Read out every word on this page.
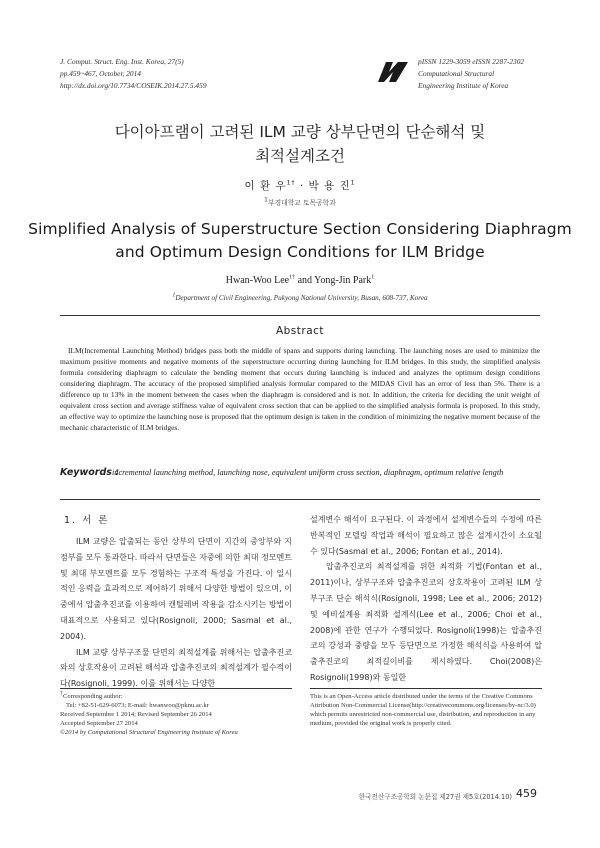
J. Comput. Struct. Eng. Inst. Korea, 27(5)
pp.459~467, October, 2014
http://dx.doi.org/10.7734/COSEIK.2014.27.5.459
pISSN 1229-3059 eISSN 2287-2302
Computational Structural
Engineering Institute of Korea
다이아프램이 고려된 ILM 교량 상부단면의 단순해석 및
최적설계조건
이 환 우$^{1\dagger}$ · 박 용 진$^1$
$^1$부경대학교 토목공학과
Simplified Analysis of Superstructure Section Considering Diaphragm
and Optimum Design Conditions for ILM Bridge
Hwan-Woo Lee$^{1\dagger}$ and Yong-Jin Park$^1$
$^1$Department of Civil Engineering, Pukyong National University, Busan, 608-737, Korea
Abstract
ILM(Incremental Launching Method) bridges pass both the middle of spans and supports during launching. The launching noses are used to minimize the maximum positive moments and negative moments of the superstructure occurring during launching for ILM bridges. In this study, the simplified analysis formula considering diaphragm to calculate the bending moment that occurs during launching is induced and analyzes the optimum design conditions considering diaphragm. The accuracy of the proposed simplified analysis formular compared to the MIDAS Civil has an error of less than 5%. There is a difference up to 13% in the moment between the cases when the diaphragm is considered and is not. In addition, the criteria for deciding the unit weight of equivalent cross section and average stiffness value of equivalent cross section that can be applied to the simplified analysis formula is proposed. In this study, an effective way to optimize the launching nose is proposed that the optimum design is taken in the condition of minimizing the negative moment because of the mechanic characteristic of ILM bridges.
Keywords :
incremental launching method, launching nose, equivalent uniform cross section, diaphragm, optimum relative length
1. 서 론

ILM 교량은 압출되는 동안 상부의 단면이 지간의 중앙부와 지점부를 모두 통과한다. 따라서 단면들은 자중에 의한 최대 정모멘트 및 최대 부모멘트를 모두 경험하는 구조적 특성을 가진다. 이 일시적인 응력을 효과적으로 제어하기 위해서 다양한 방법이 있으며, 이중에서 압출추진코를 이용하여 캔틸레버 작용을 감소시키는 방법이 대표적으로 사용되고 있다(Rosignoli, 2000; Sasmal et al., 2004).

ILM 교량 상부구조물 단면의 최적설계를 위해서는 압출추진코와의 상호작용이 고려된 해석과 압출추진코의 최적설계가 필수적이다(Rosignoli, 1999). 이를 위해서는 다양한

설계변수 해석이 요구된다. 이 과정에서 설계변수들의 수정에 따른 반복적인 모델링 작업과 해석이 필요하고 많은 설계시간이 소요될 수 있다(Sasmal et al., 2006; Fontan et al., 2014).

압출추진코의 최적설계를 위한 최적화 기법(Fontan et al., 2011)이나, 상부구조와 압출추진코의 상호작용이 고려된 ILM 상부구조 단순 해석식(Rosignoli, 1998; Lee et al., 2006; 2012) 및 예비설계용 최적화 설계식(Lee et al., 2006; Choi et al., 2008)에 관한 연구가 수행되었다. Rosignoli(1998)는 압출추진코의 강성과 중량을 모두 등단면으로 가정한 해석식을 사용하여 압출추진코의 최적길이비를 제시하였다. Choi(2008)은 Rosignoli(1998)와 동일한

†Corresponding author:
Tel: +82-51-629-6073; E-mail: hwanwoo@pknu.ac.kr
Received September 1 2014; Revised September 26 2014
Accepted September 27 2014
©2014 by Computational Structural Engineering Institute of Korea
This is an Open-Access article distributed under the terms of the Creative Commons Attribution Non-Commercial License(http://creativecommons.org/licenses/by-nc/3.0) which permits unrestricted non-commercial use, distribution, and reproduction in any medium, provided the original work is properly cited.
한국전산구조공학회 논문집 제27권 제5호(2014.10) 459
